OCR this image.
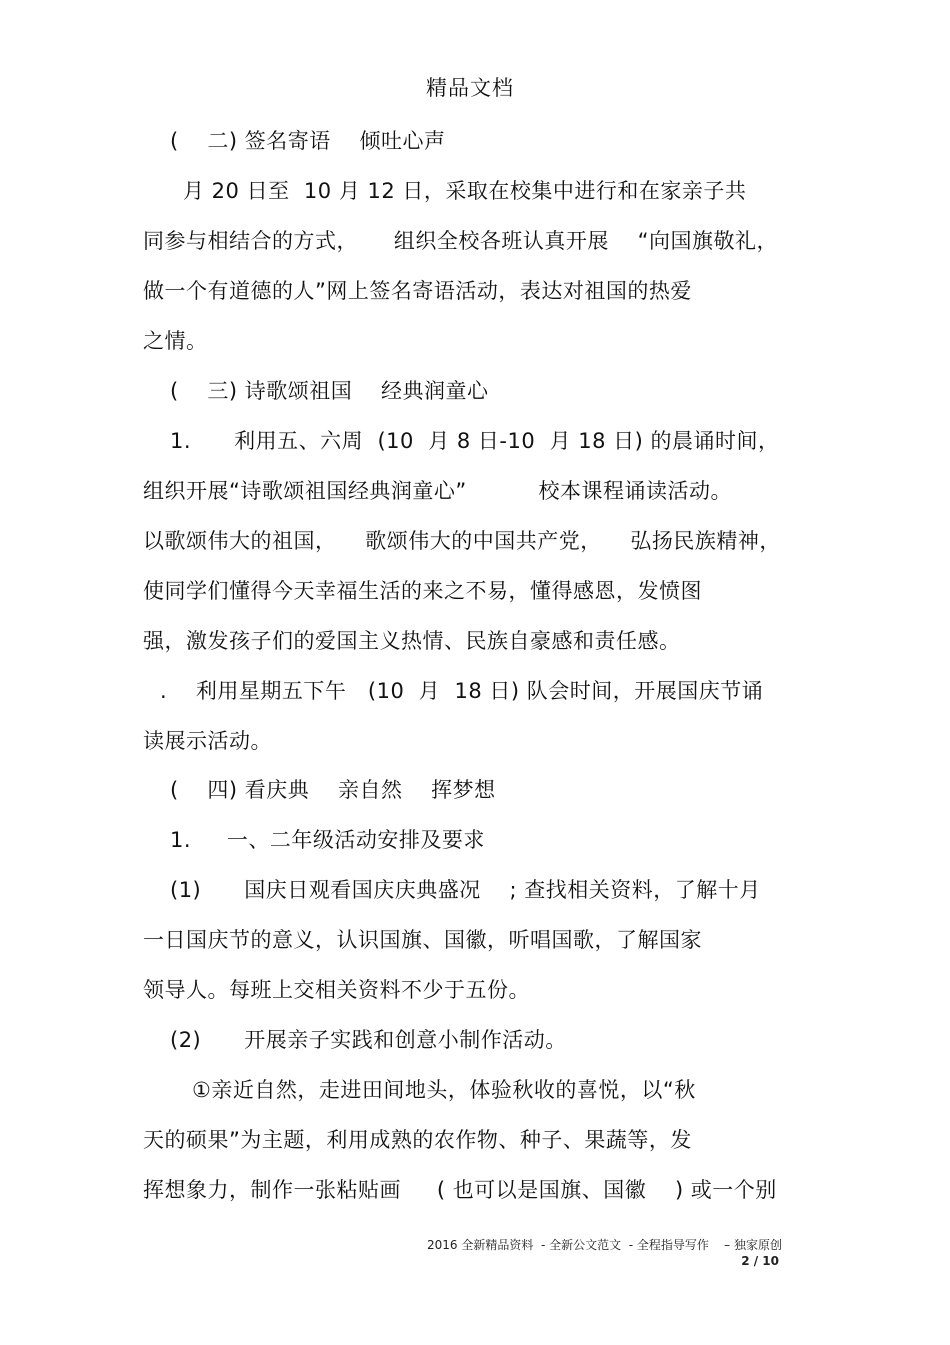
精品文档
(    二) 签名寄语    倾吐心声
月 20 日至  10 月 12 日，采取在校集中进行和在家亲子共
同参与相结合的方式，     组织全校各班认真开展    “向国旗敬礼，
做一个有道德的人”网上签名寄语活动，表达对祖国的热爱
之情。
(    三) 诗歌颂祖国    经典润童心
1.      利用五、六周  (10  月 8 日-10  月 18 日) 的晨诵时间，
组织开展“诗歌颂祖国经典润童心”          校本课程诵读活动。
以歌颂伟大的祖国，    歌颂伟大的中国共产党，    弘扬民族精神，
使同学们懂得今天幸福生活的来之不易，懂得感恩，发愤图
强，激发孩子们的爱国主义热情、民族自豪感和责任感。
.    利用星期五下午   (10  月  18 日) 队会时间，开展国庆节诵
读展示活动。
(    四) 看庆典    亲自然    挥梦想
1.     一、二年级活动安排及要求
(1)      国庆日观看国庆庆典盛况    ; 查找相关资料，了解十月
一日国庆节的意义，认识国旗、国徽，听唱国歌，了解国家
领导人。每班上交相关资料不少于五份。
(2)      开展亲子实践和创意小制作活动。
①亲近自然，走进田间地头，体验秋收的喜悦，以“秋
天的硕果”为主题，利用成熟的农作物、种子、果蔬等，发
挥想象力，制作一张粘贴画     ( 也可以是国旗、国徽    ) 或一个别
2016 全新精品资料  - 全新公文范文  - 全程指导写作    – 独家原创
2 / 10
